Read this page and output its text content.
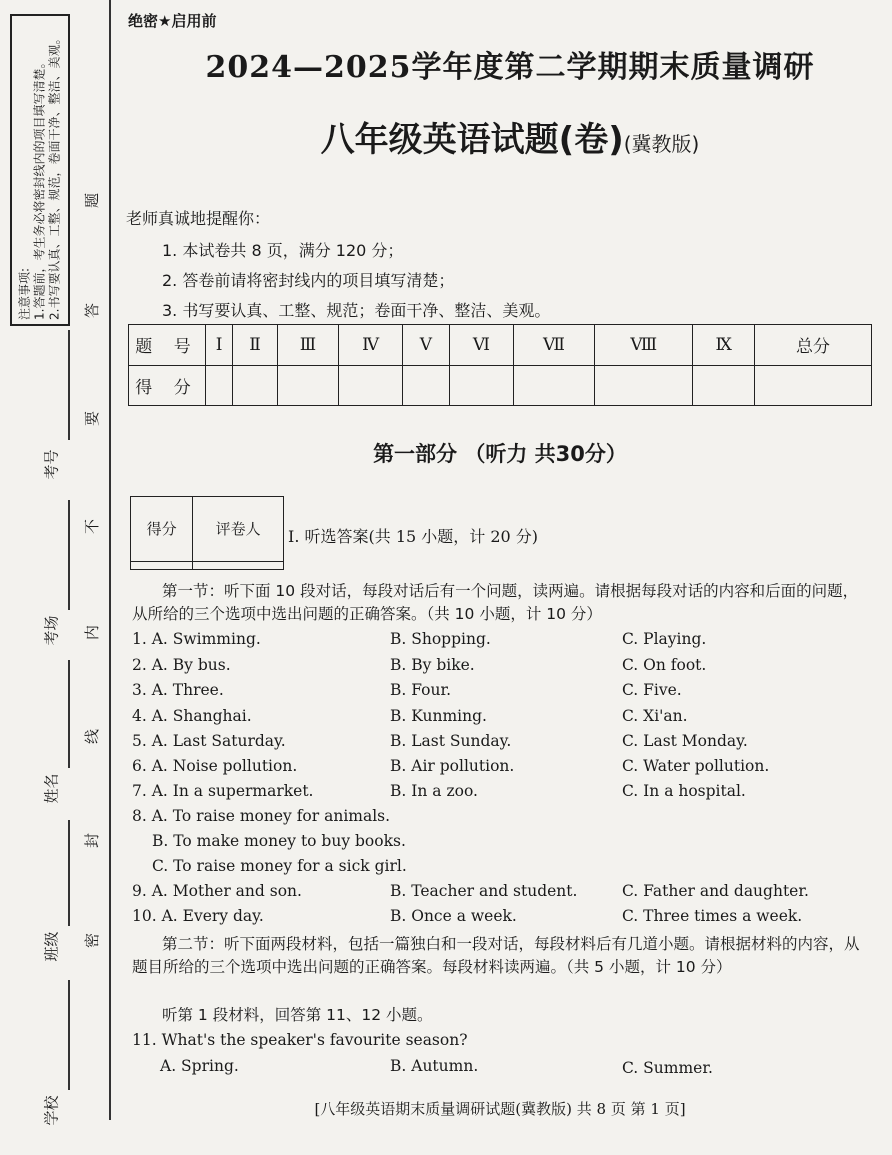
注意事项: 1.答题前，考生务必将密封线内的项目填写清楚。 2.书写要认真、工整、规范，卷面干净、整洁、美观。 题
答
要
不
内
线
封
密
考号
考场
姓名
班级
学校
绝密★启用前
2024—2025学年度第二学期期末质量调研
八年级英语试题(卷)(冀教版)
老师真诚地提醒你：
1. 本试卷共 8 页，满分 120 分；
2. 答卷前请将密封线内的项目填写清楚；
3. 书写要认真、工整、规范；卷面干净、整洁、美观。
题 号	Ⅰ	Ⅱ	Ⅲ	Ⅳ	Ⅴ	Ⅵ	Ⅶ	Ⅷ	Ⅸ	总分
得 分										
第一部分 （听力 共30分）
得分	评卷人
	Ⅰ. 听选答案(共 15 小题，计 20 分)
第一节：听下面 10 段对话，每段对话后有一个问题，读两遍。请根据每段对话的内容和后面的问题，从所给的三个选项中选出问题的正确答案。（共 10 小题，计 10 分）
1. A. Swimming.	B. Shopping.	C. Playing.
2. A. By bus.	B. By bike.	C. On foot.
3. A. Three.	B. Four.	C. Five.
4. A. Shanghai.	B. Kunming.	C. Xi'an.
5. A. Last Saturday.	B. Last Sunday.	C. Last Monday.
6. A. Noise pollution.	B. Air pollution.	C. Water pollution.
7. A. In a supermarket.	B. In a zoo.	C. In a hospital.
8. A. To raise money for animals.
B. To make money to buy books.
C. To raise money for a sick girl.
9. A. Mother and son.	B. Teacher and student.	C. Father and daughter.
10. A. Every day.	B. Once a week.	C. Three times a week.
第二节：听下面两段材料，包括一篇独白和一段对话，每段材料后有几道小题。请根据材料的内容，从题目所给的三个选项中选出问题的正确答案。每段材料读两遍。（共 5 小题，计 10 分）
听第 1 段材料，回答第 11、12 小题。
11. What's the speaker's favourite season?
A. Spring.	B. Autumn.	C. Summer.
[八年级英语期末质量调研试题(冀教版) 共 8 页 第 1 页]
